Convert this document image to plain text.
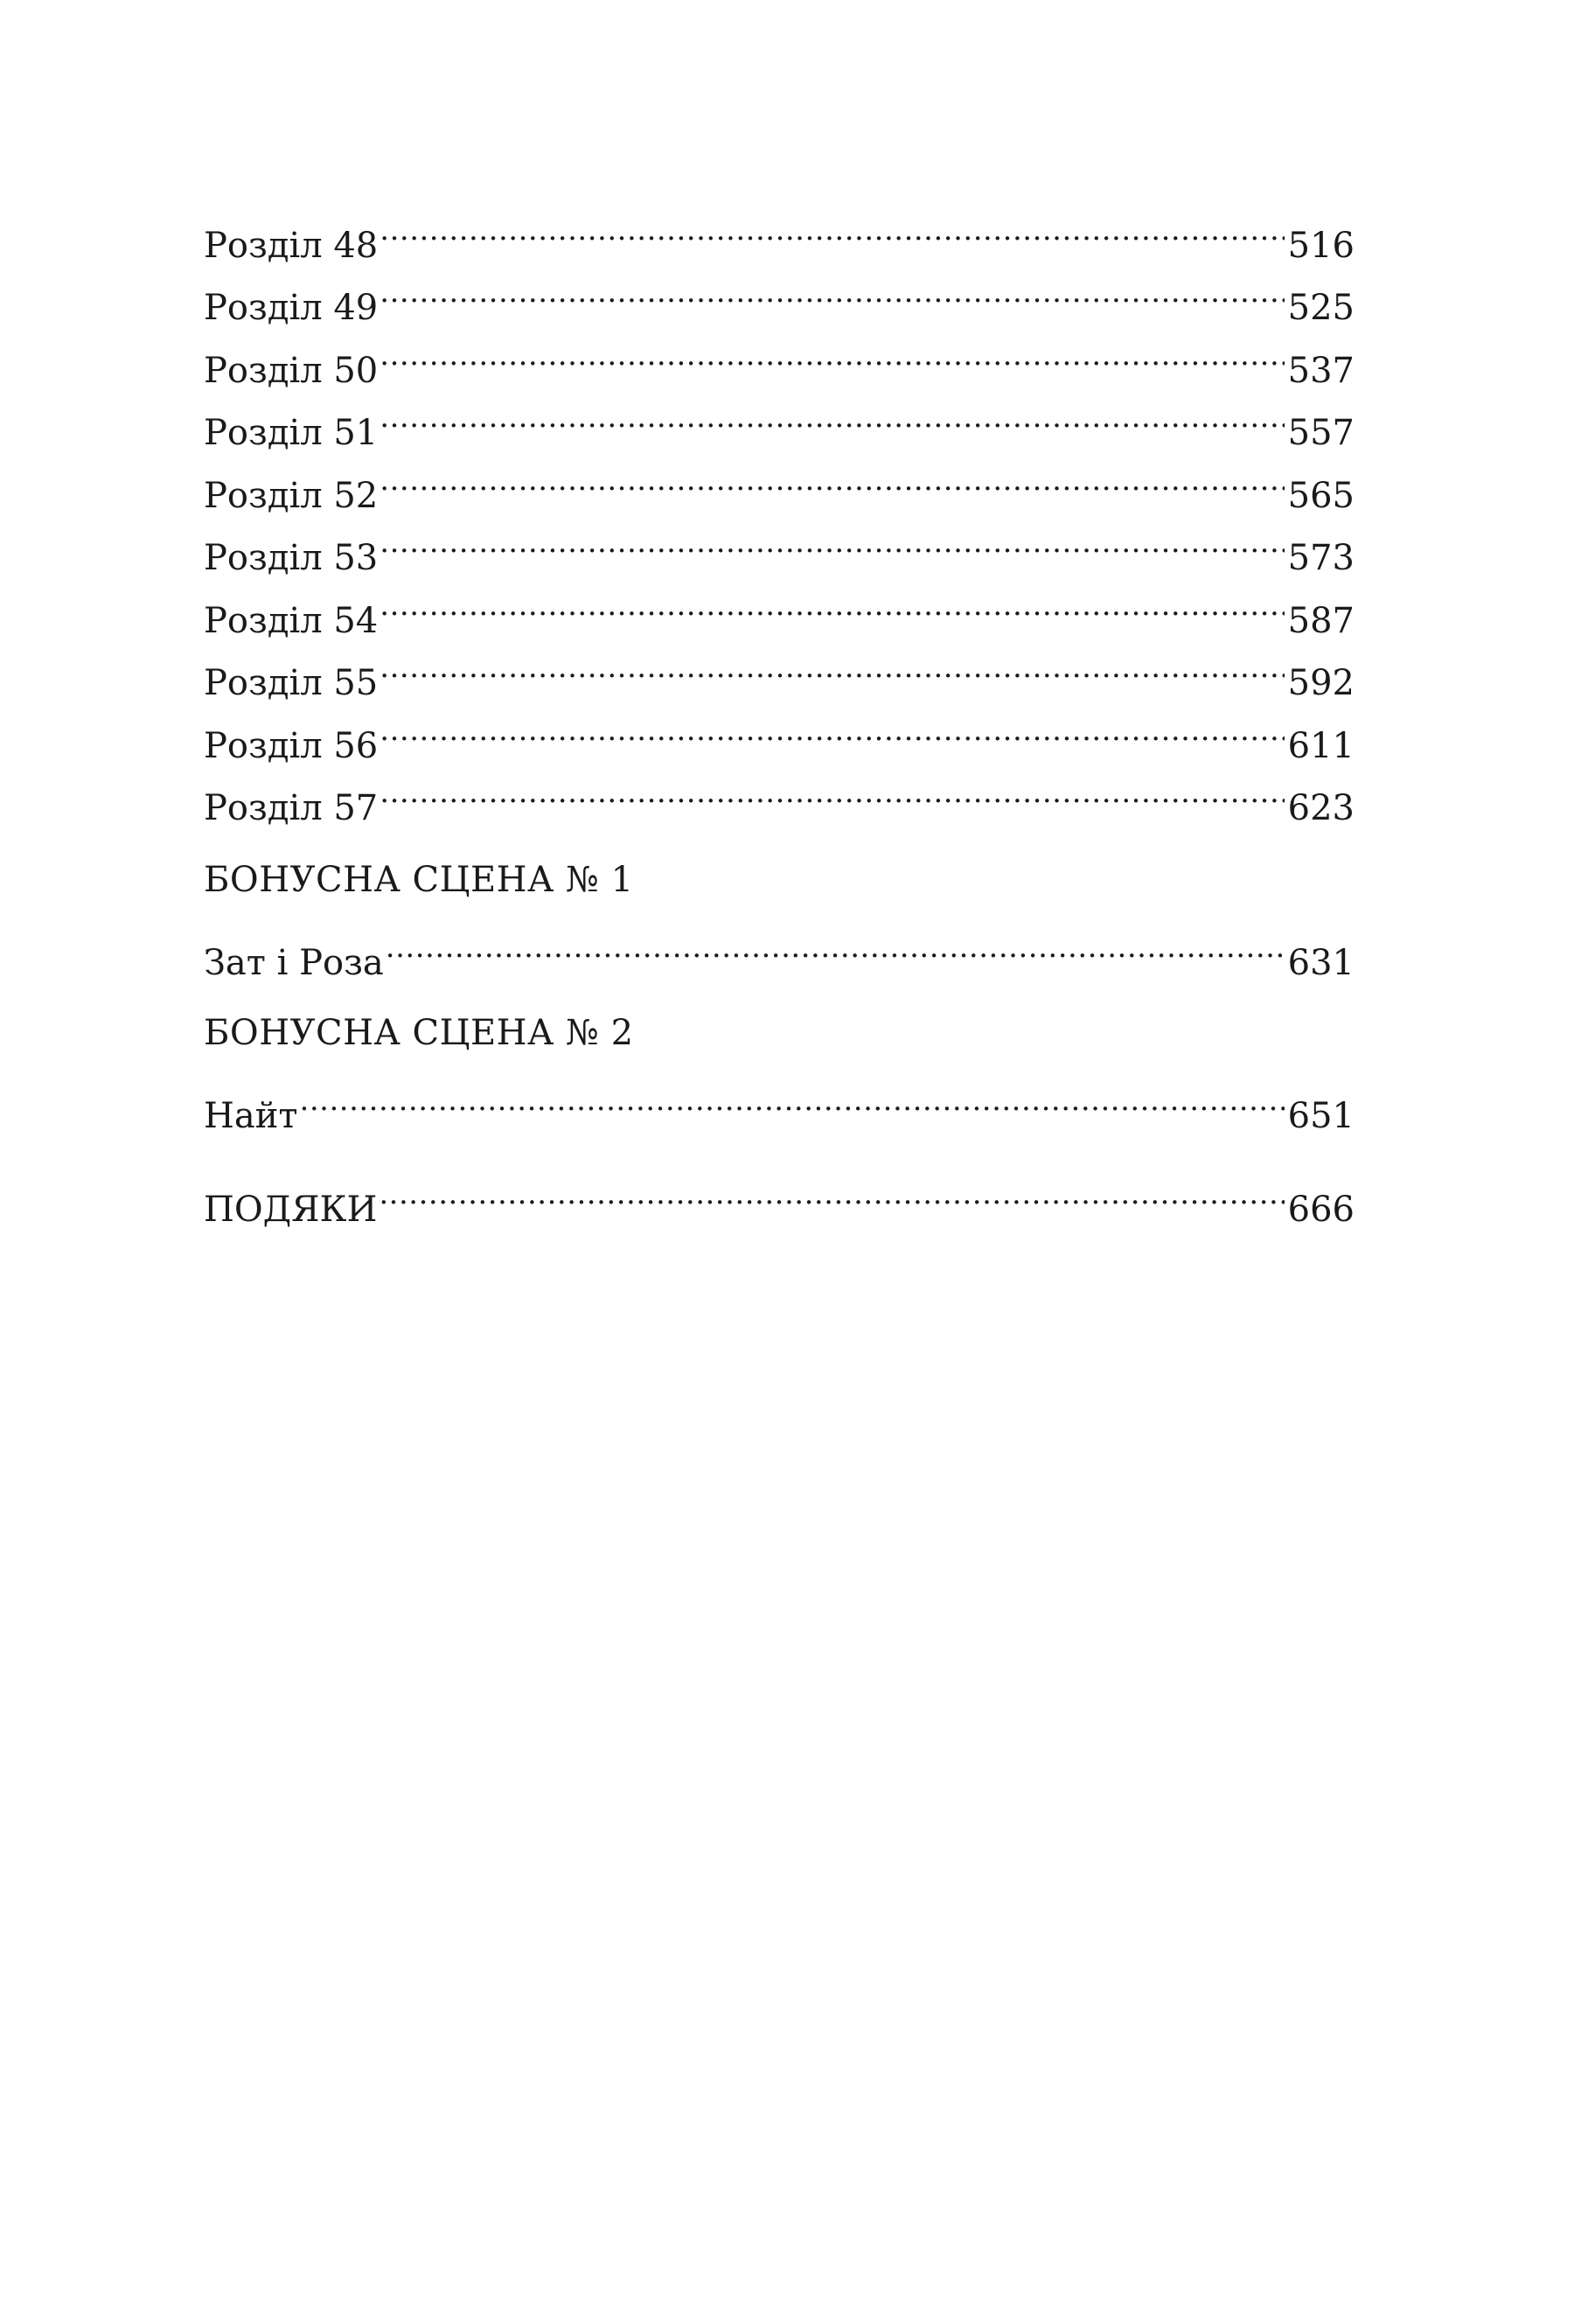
Розділ 48 .....	516
Розділ 49 .....	525
Розділ 50 .....	537
Розділ 51 .....	557
Розділ 52 .....	565
Розділ 53 .....	573
Розділ 54 .....	587
Розділ 55 .....	592
Розділ 56 .....	611
Розділ 57 .....	623
БОНУСНА СЦЕНА № 1
Зат і Роза .....	631
БОНУСНА СЦЕНА № 2
Найт .....	651
ПОДЯКИ .....	666
